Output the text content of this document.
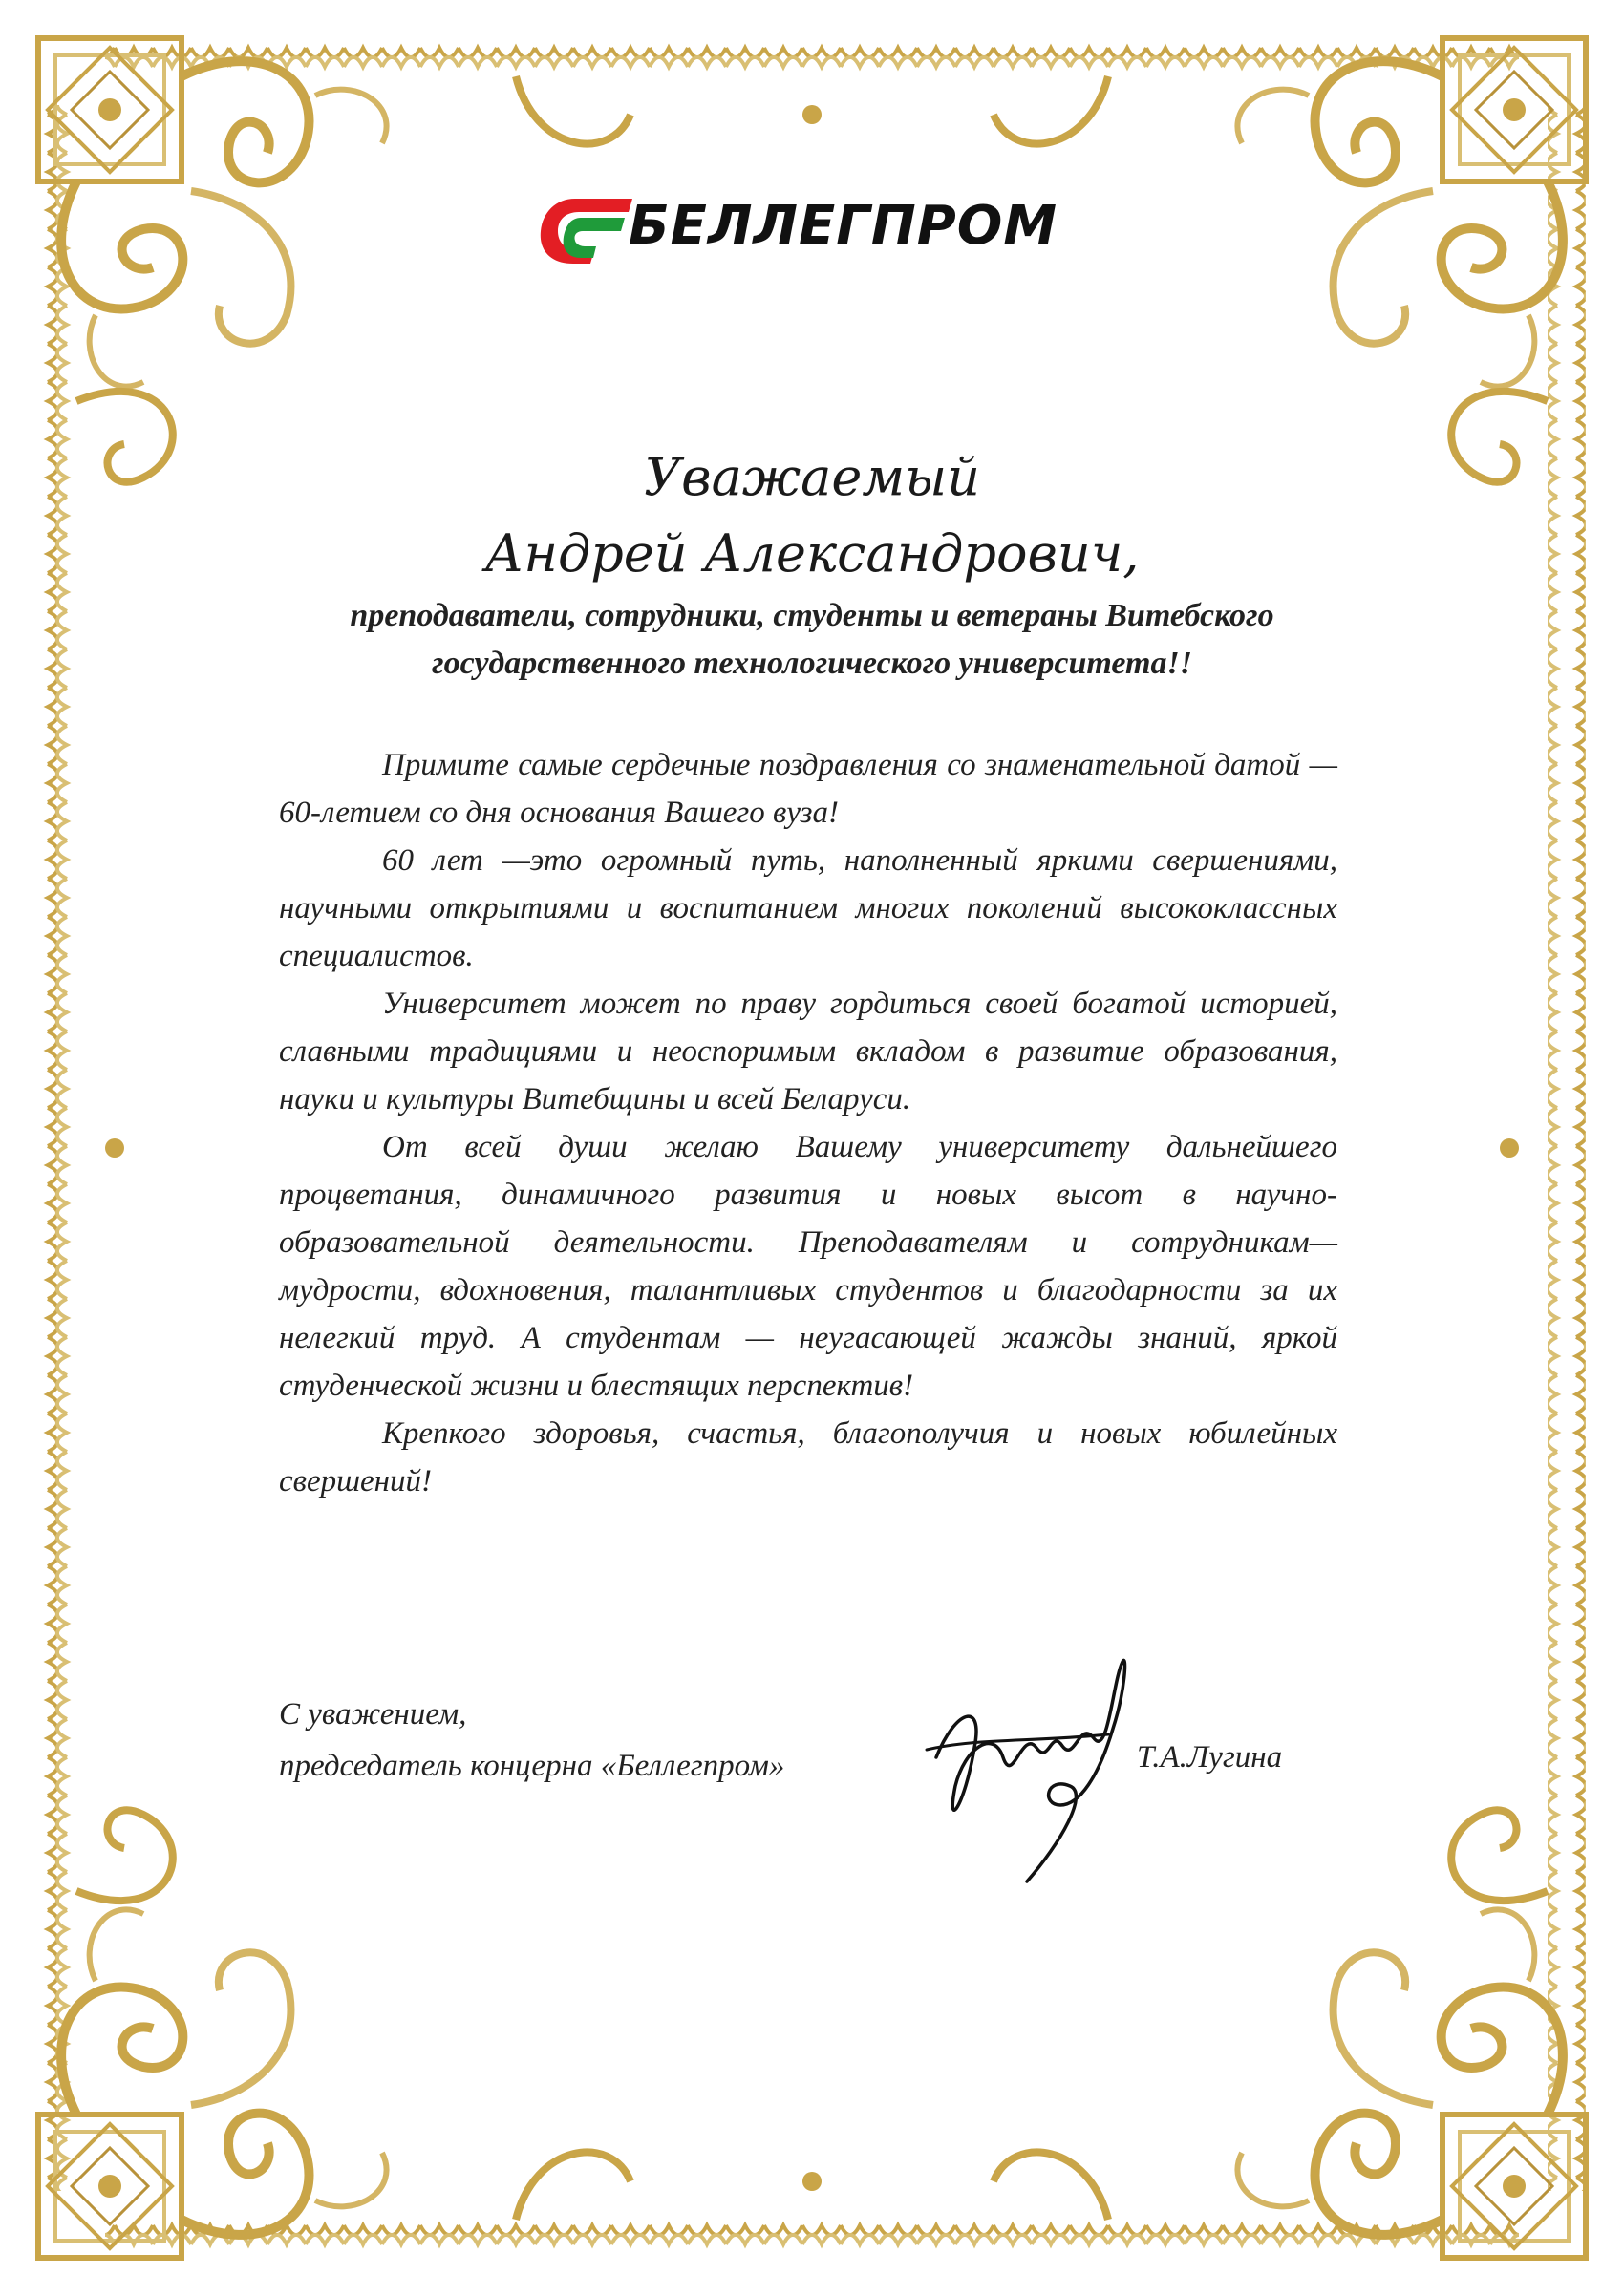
БЕЛЛЕГПРОМ
Уважаемый
Андрей Александрович,
преподаватели, сотрудники, студенты и ветераны Витебского государственного технологического университета!!

Примите самые сердечные поздравления со знаменательной датой — 60-летием со дня основания Вашего вуза!

60 лет —это огромный путь, наполненный яркими свершениями, научными открытиями и воспитанием многих поколений высококлассных специалистов.

Университет может по праву гордиться своей богатой историей, славными традициями и неоспоримым вкладом в развитие образования, науки и культуры Витебщины и всей Беларуси.

От всей души желаю Вашему университету дальнейшего процветания, динамичного развития и новых высот в научно-образовательной деятельности. Преподавателям и сотрудникам— мудрости, вдохновения, талантливых студентов и благодарности за их нелегкий труд. А студентам — неугасающей жажды знаний, яркой студенческой жизни и блестящих перспектив!

Крепкого здоровья, счастья, благополучия и новых юбилейных свершений!

С уважением,
председатель концерна «Беллегпром»	Т.А.Лугина
